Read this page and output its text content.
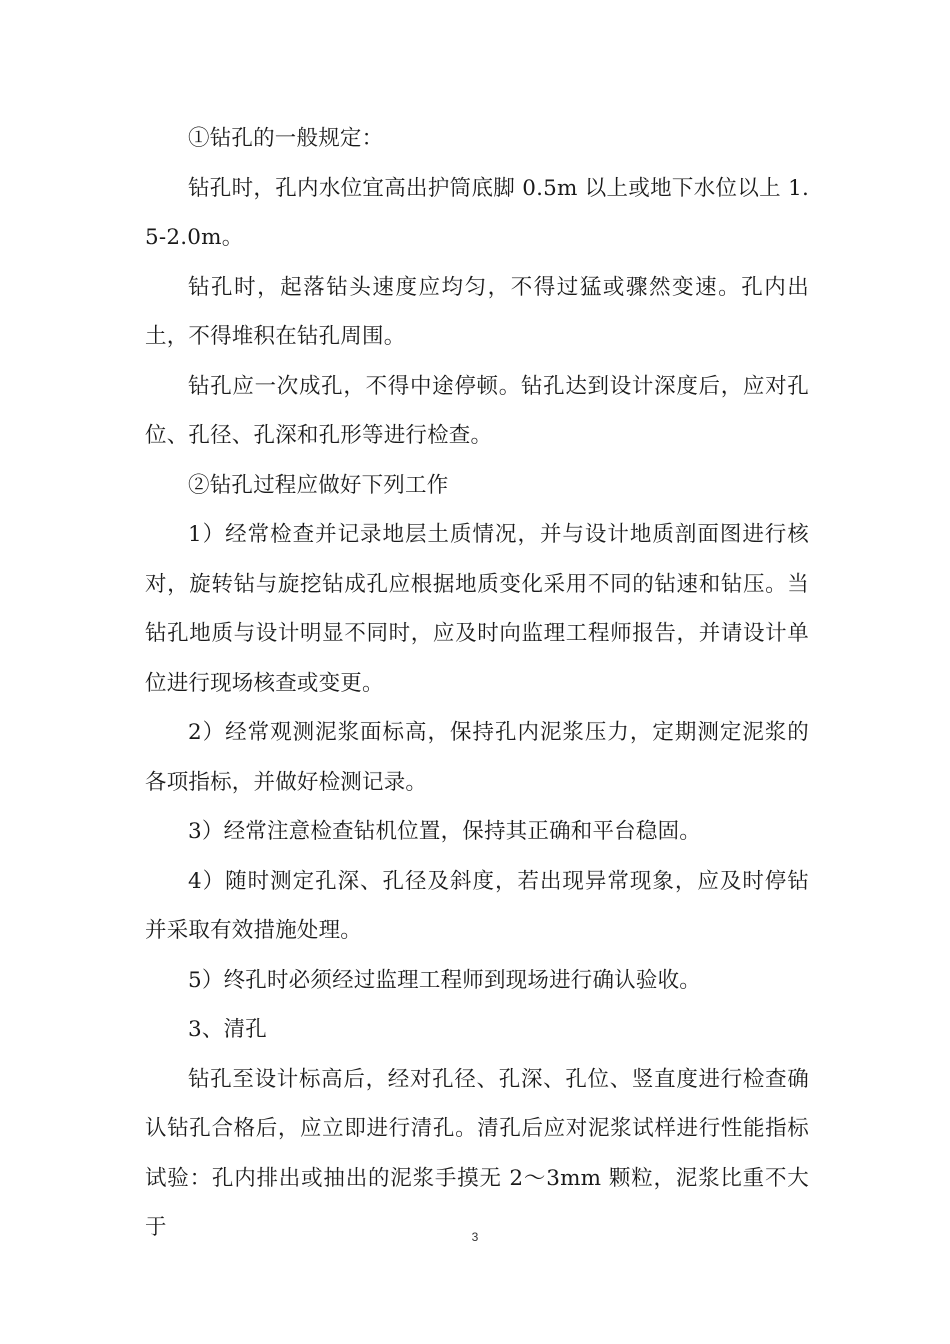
①钻孔的一般规定：

钻孔时，孔内水位宜高出护筒底脚 0.5m 以上或地下水位以上 1.5-2.0m。

钻孔时，起落钻头速度应均匀，不得过猛或骤然变速。孔内出土，不得堆积在钻孔周围。

钻孔应一次成孔，不得中途停顿。钻孔达到设计深度后，应对孔位、孔径、孔深和孔形等进行检查。

②钻孔过程应做好下列工作

1）经常检查并记录地层土质情况，并与设计地质剖面图进行核对，旋转钻与旋挖钻成孔应根据地质变化采用不同的钻速和钻压。当钻孔地质与设计明显不同时，应及时向监理工程师报告，并请设计单位进行现场核查或变更。

2）经常观测泥浆面标高，保持孔内泥浆压力，定期测定泥浆的各项指标，并做好检测记录。

3）经常注意检查钻机位置，保持其正确和平台稳固。

4）随时测定孔深、孔径及斜度，若出现异常现象，应及时停钻并采取有效措施处理。

5）终孔时必须经过监理工程师到现场进行确认验收。

3、清孔

钻孔至设计标高后，经对孔径、孔深、孔位、竖直度进行检查确认钻孔合格后，应立即进行清孔。清孔后应对泥浆试样进行性能指标试验：孔内排出或抽出的泥浆手摸无 2～3mm 颗粒，泥浆比重不大于	3
